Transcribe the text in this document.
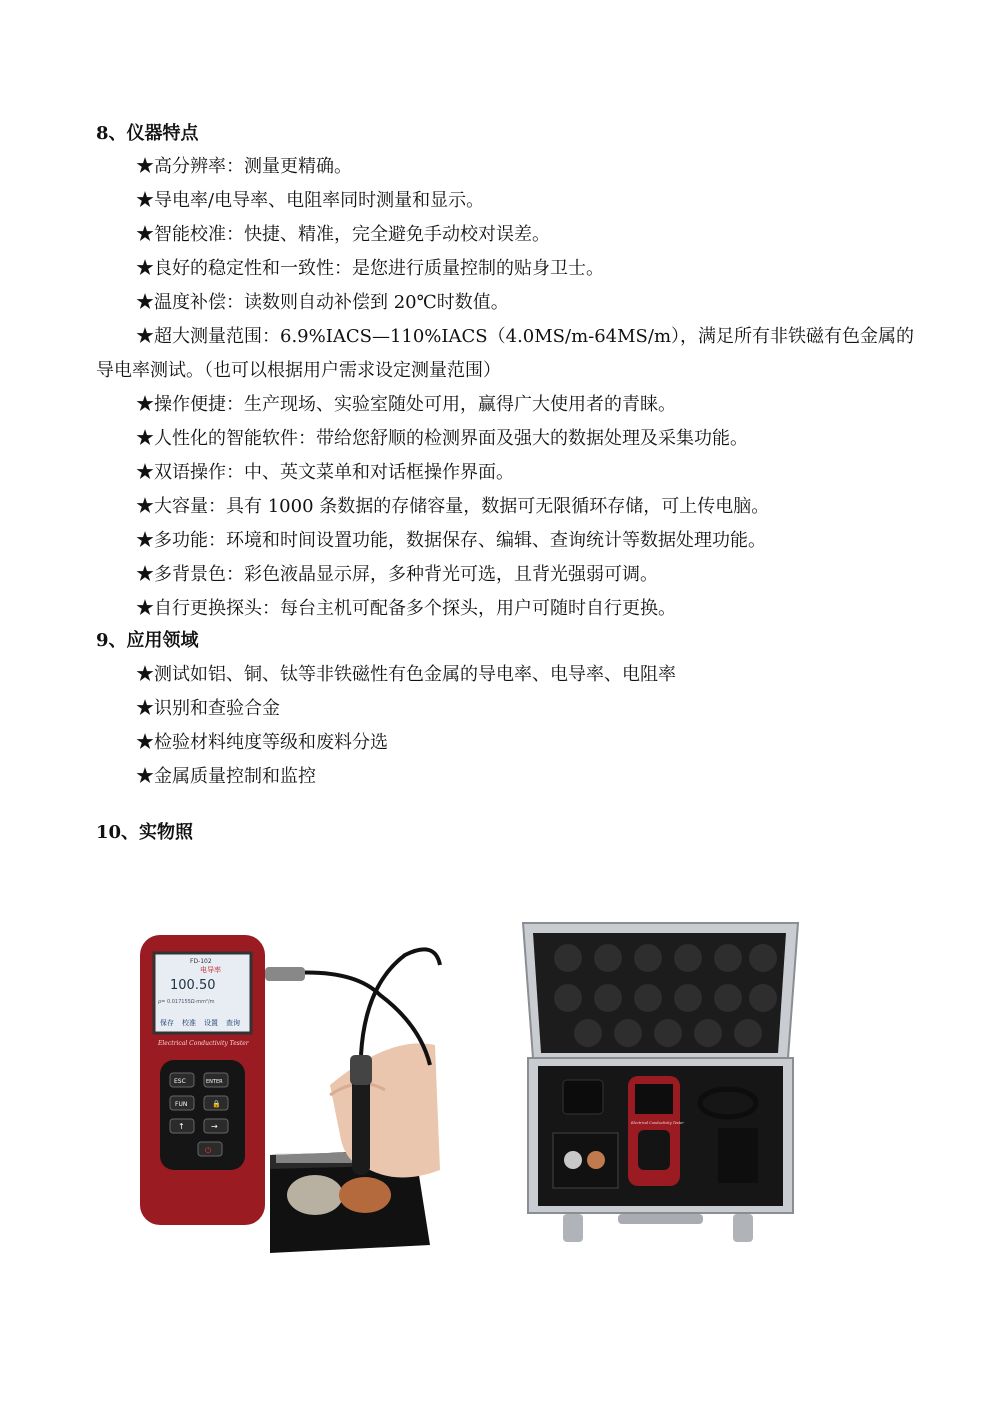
8、仪器特点
★高分辨率：测量更精确。
★导电率/电导率、电阻率同时测量和显示。
★智能校准：快捷、精准，完全避免手动校对误差。
★良好的稳定性和一致性：是您进行质量控制的贴身卫士。
★温度补偿：读数则自动补偿到 20℃时数值。
★超大测量范围：6.9%IACS—110%IACS（4.0MS/m-64MS/m），满足所有非铁磁有色金属的导电率测试。（也可以根据用户需求设定测量范围）
★操作便捷：生产现场、实验室随处可用，赢得广大使用者的青睐。
★人性化的智能软件：带给您舒顺的检测界面及强大的数据处理及采集功能。
★双语操作：中、英文菜单和对话框操作界面。
★大容量：具有 1000 条数据的存储容量，数据可无限循环存储，可上传电脑。
★多功能：环境和时间设置功能，数据保存、编辑、查询统计等数据处理功能。
★多背景色：彩色液晶显示屏，多种背光可选，且背光强弱可调。
★自行更换探头：每台主机可配备多个探头，用户可随时自行更换。
9、应用领域
★测试如铝、铜、钛等非铁磁性有色金属的导电率、电导率、电阻率
★识别和查验合金
★检验材料纯度等级和废料分选
★金属质量控制和监控
10、实物照
FD-102
电导率
100.50
ρ= 0.017155Ω·mm²/m
保存 校准 设置 查询
Electrical Conductivity Tester
ESC	ENTER
FUN	🔒
↑	→
⏻
Electrical Conductivity Tester
